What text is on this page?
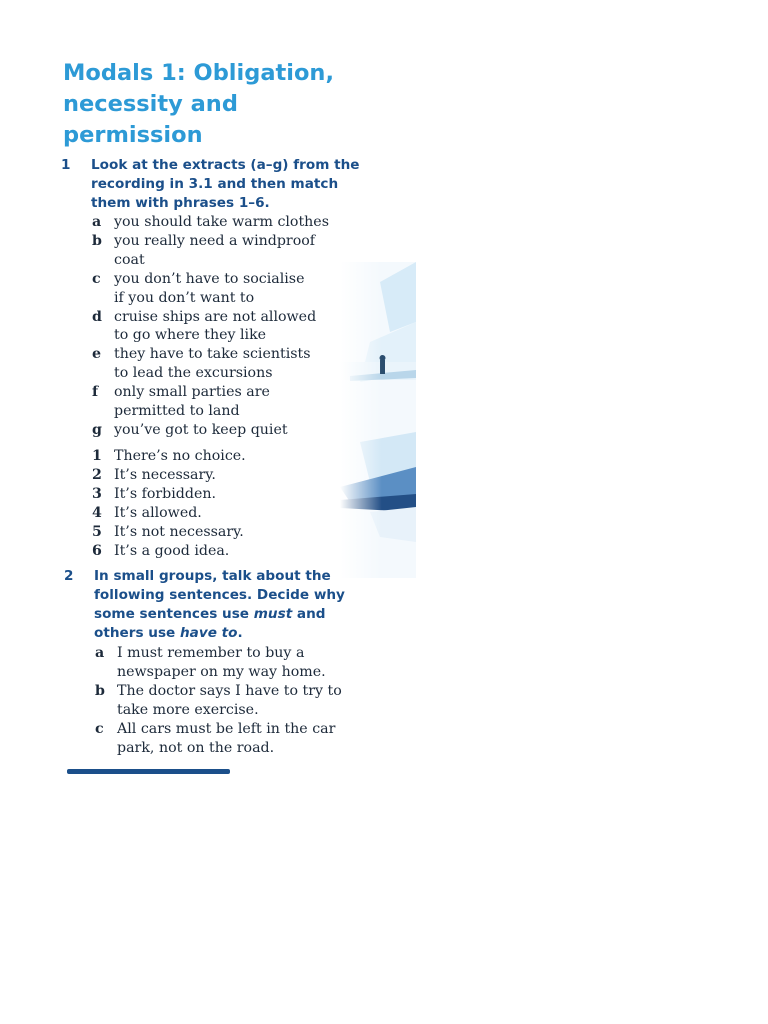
Modals 1: Obligation,
necessity and
permission
1 Look at the extracts (a–g) from the
recording in 3.1 and then match
them with phrases 1–6.
a you should take warm clothes
b you really need a windproof
coat
c you don’t have to socialise
if you don’t want to
d cruise ships are not allowed
to go where they like
e they have to take scientists
to lead the excursions
f only small parties are
permitted to land
g you’ve got to keep quiet
1 There’s no choice.
2 It’s necessary.
3 It’s forbidden.
4 It’s allowed.
5 It’s not necessary.
6 It’s a good idea.
2 In small groups, talk about the
following sentences. Decide why
some sentences use must and
others use have to.
a I must remember to buy a
newspaper on my way home.
b The doctor says I have to try to
take more exercise.
c All cars must be left in the car
park, not on the road.
